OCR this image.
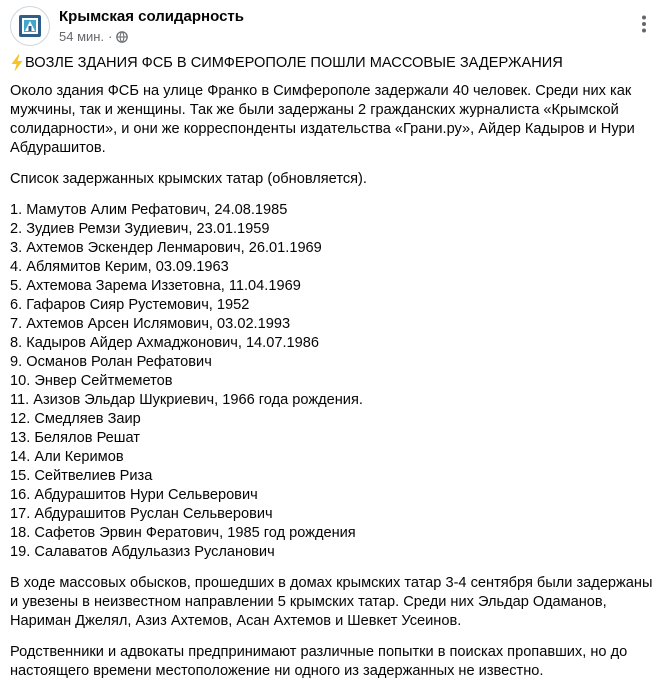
Крымская солидарность
54 мин. ·

ВОЗЛЕ ЗДАНИЯ ФСБ В СИМФЕРОПОЛЕ ПОШЛИ МАССОВЫЕ ЗАДЕРЖАНИЯ

Около здания ФСБ на улице Франко в Симферополе задержали 40 человек. Среди них как мужчины, так и женщины. Так же были задержаны 2 гражданских журналиста «Крымской солидарности», и они же корреспонденты издательства «Грани.ру», Айдер Кадыров и Нури Абдурашитов.

Список задержанных крымских татар (обновляется).

1. Мамутов Алим Рефатович, 24.08.1985
2. Зудиев Ремзи Зудиевич, 23.01.1959
3. Ахтемов Эскендер Ленмарович, 26.01.1969
4. Аблямитов Керим, 03.09.1963
5. Ахтемова Зарема Иззетовна, 11.04.1969
6. Гафаров Сияр Рустемович, 1952
7. Ахтемов Арсен Ислямович, 03.02.1993
8. Кадыров Айдер Ахмаджонович, 14.07.1986
9. Османов Ролан Рефатович
10. Энвер Сейтмеметов
11. Азизов Эльдар Шукриевич, 1966 года рождения.
12. Смедляев Заир
13. Белялов Решат
14. Али Керимов
15. Сейтвелиев Риза
16. Абдурашитов Нури Сельверович
17. Абдурашитов Руслан Сельверович
18. Сафетов Эрвин Фератович, 1985 год рождения
19. Салаватов Абдульазиз Русланович

В ходе массовых обысков, прошедших в домах крымских татар 3-4 сентября были задержаны и увезены в неизвестном направлении 5 крымских татар. Среди них Эльдар Одаманов, Нариман Джелял, Азиз Ахтемов, Асан Ахтемов и Шевкет Усеинов.

Родственники и адвокаты предпринимают различные попытки в поисках пропавших, но до настоящего времени местоположение ни одного из задержанных не известно.
